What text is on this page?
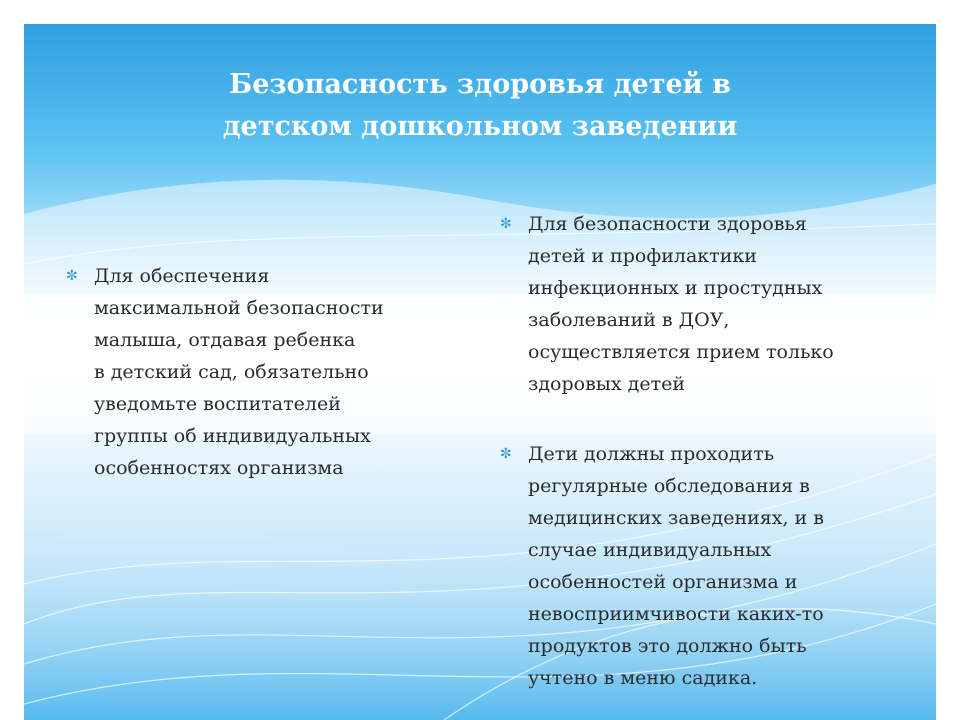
Безопасность здоровья детей в
детском дошкольном заведении
✼ Для обеспечения
максимальной безопасности
малыша, отдавая ребенка
в детский сад, обязательно
уведомьте воспитателей
группы об индивидуальных
особенностях организма
✼ Для безопасности здоровья
детей и профилактики
инфекционных и простудных
заболеваний в ДОУ,
осуществляется прием только
здоровых детей
✼ Дети должны проходить
регулярные обследования в
медицинских заведениях, и в
случае индивидуальных
особенностей организма и
невосприимчивости каких-то
продуктов это должно быть
учтено в меню садика.
